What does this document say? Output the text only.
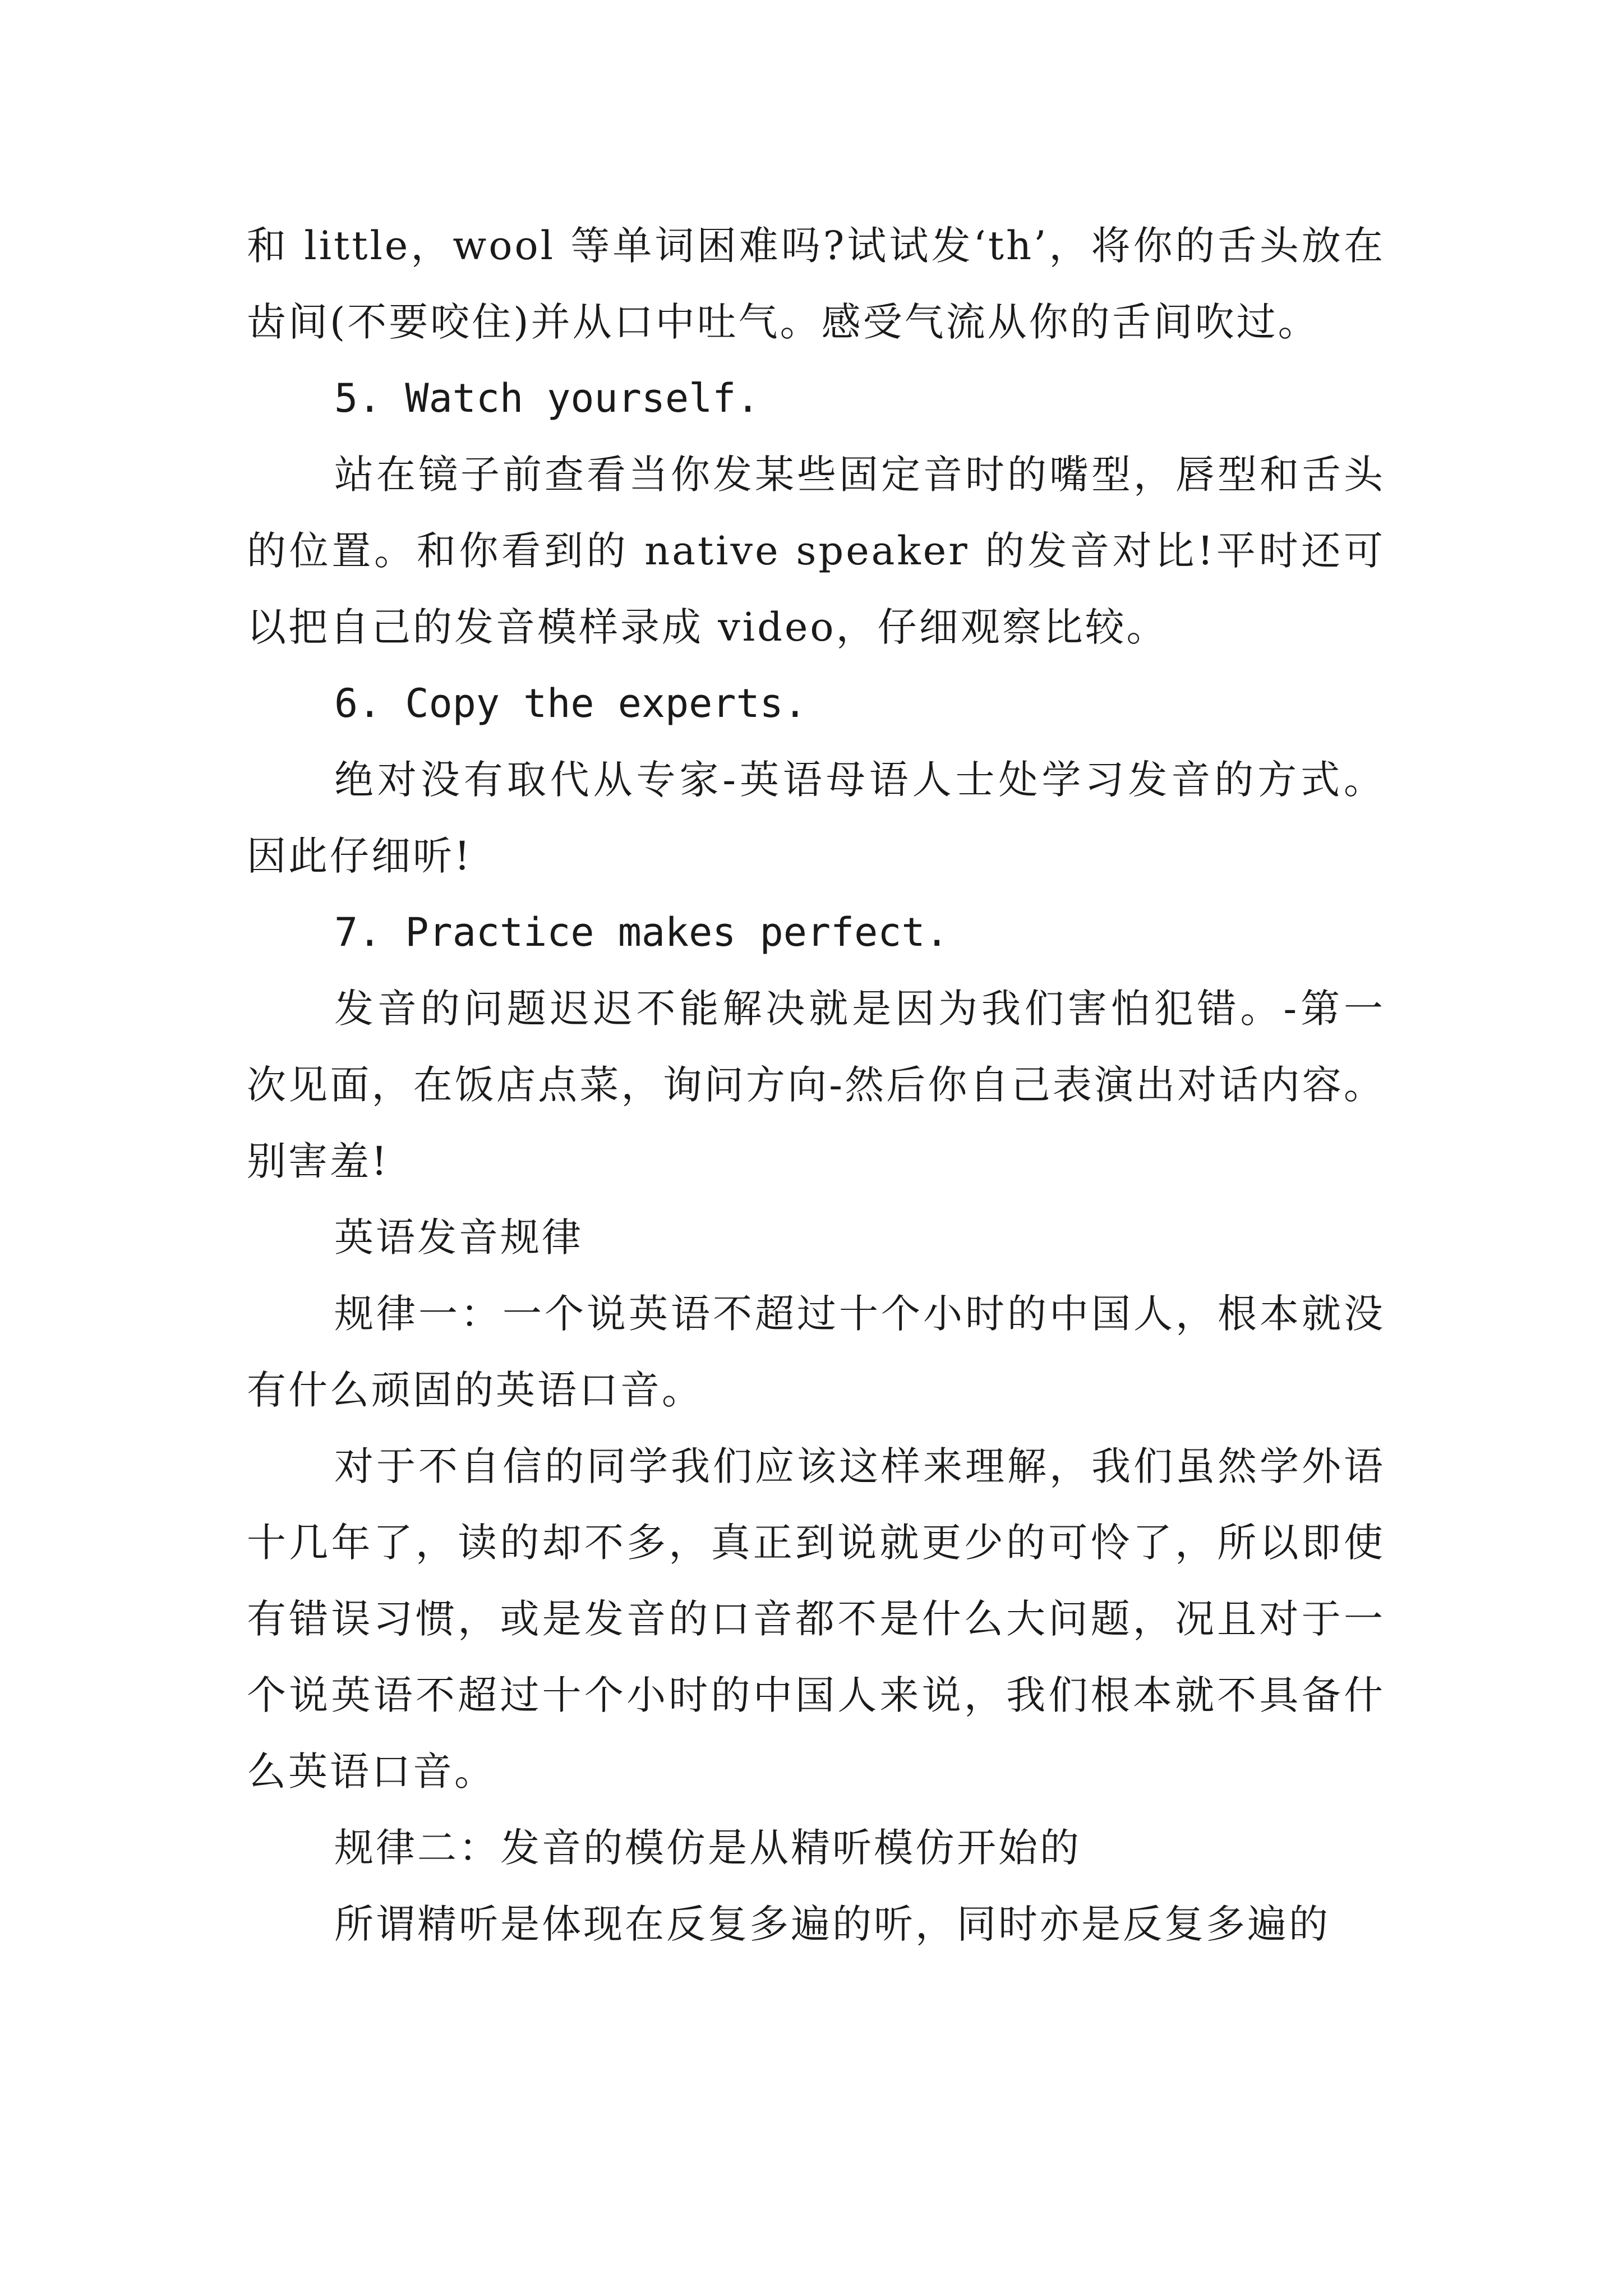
和 little，wool 等单词困难吗?试试发‘th’，将你的舌头放在齿间(不要咬住)并从口中吐气。感受气流从你的舌间吹过。

5. Watch yourself.

站在镜子前查看当你发某些固定音时的嘴型，唇型和舌头的位置。和你看到的 native speaker 的发音对比!平时还可以把自己的发音模样录成 video，仔细观察比较。

6. Copy the experts.

绝对没有取代从专家-英语母语人士处学习发音的方式。因此仔细听!

7. Practice makes perfect.

发音的问题迟迟不能解决就是因为我们害怕犯错。-第一次见面，在饭店点菜，询问方向-然后你自己表演出对话内容。别害羞!

英语发音规律

规律一：一个说英语不超过十个小时的中国人，根本就没有什么顽固的英语口音。

对于不自信的同学我们应该这样来理解，我们虽然学外语十几年了，读的却不多，真正到说就更少的可怜了，所以即使有错误习惯，或是发音的口音都不是什么大问题，况且对于一个说英语不超过十个小时的中国人来说，我们根本就不具备什么英语口音。

规律二：发音的模仿是从精听模仿开始的

所谓精听是体现在反复多遍的听，同时亦是反复多遍的
